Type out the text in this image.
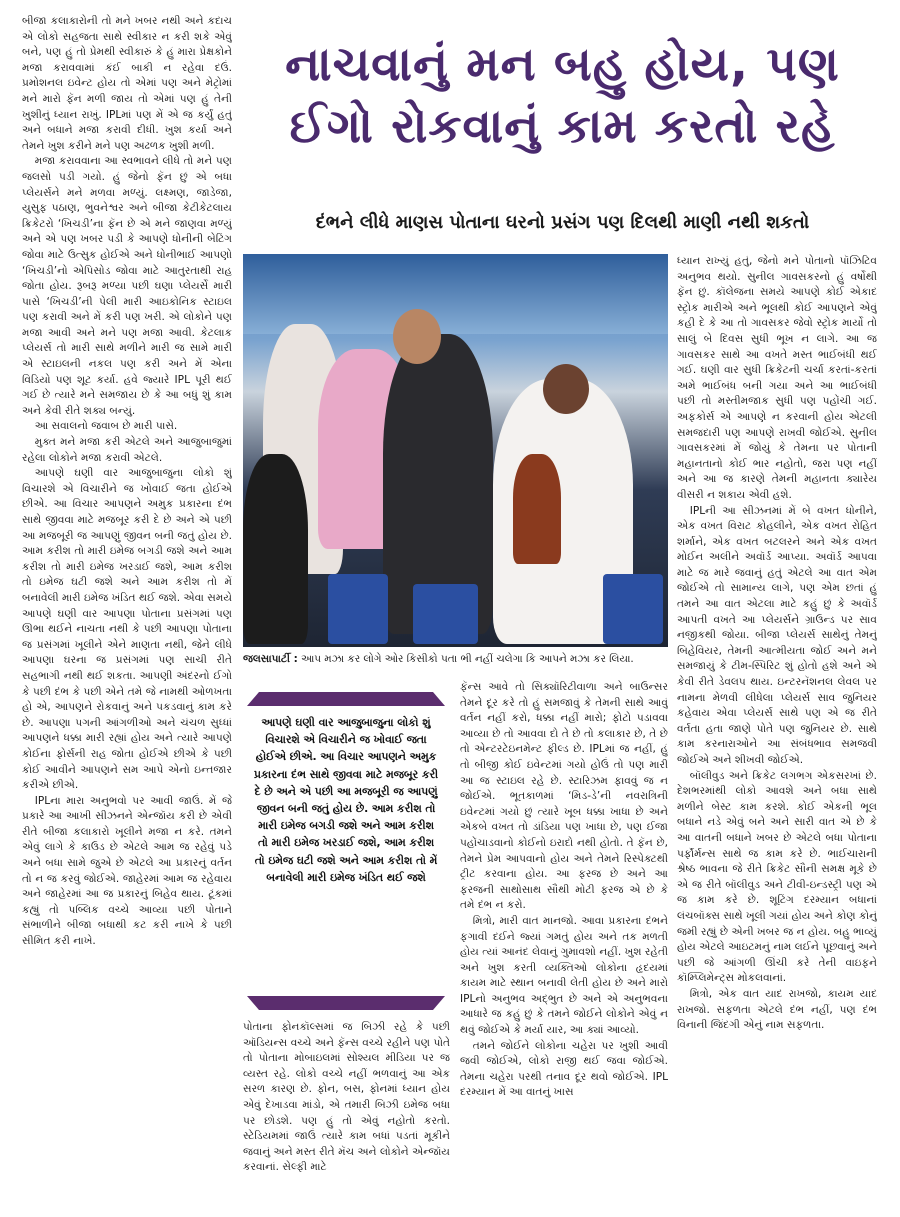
બીજા કલાકારોની તો મને ખબર નથી અને કદાચ એ લોકો સહજતા સાથે સ્વીકાર ન કરી શકે એવું બને, પણ હું તો પ્રેમથી સ્વીકારું કે હું મારા પ્રેક્ષકોને મજા કરાવવામાં કંઈ બાકી ન રહેવા દઉં. પ્રમોશનલ ઇવેન્ટ હોય તો એમાં પણ અને મેટ્રોમાં મને મારો ફૅન મળી જાય તો એમાં પણ હું તેની ખુશીનું ધ્યાન રાખું. IPLમાં પણ મેં એ જ કર્યું હતું અને બધાને મજા કરાવી દીધી. ખુશ કર્યા અને તેમને ખુશ કરીને મને પણ અઢળક ખુશી મળી.

મજા કરાવવાના આ સ્વભાવને લીધે તો મને પણ જલસો પડી ગયો. હું જેનો ફૅન છું એ બધા પ્લેયર્સને મને મળવા મળ્યું. લક્ષ્મણ, જાડેજા, યુસુફ પઠાણ, ભુવનેશ્વર અને બીજા કેટીકેટલાય ક્રિકેટરો ‘ખિચડી’ના ફૅન છે એ મને જાણવા મળ્યું અને એ પણ ખબર પડી કે આપણે ધોનીની બેટિંગ જોવા માટે ઉત્સુક હોઈએ અને ધોનીભાઈ આપણો ‘ખિચડી’નો એપિસોડ જોવા માટે આતુરતાથી રાહ જોતા હોય. રૂબરૂ મળ્યા પછી ઘણા પ્લેયર્સે મારી પાસે ‘ખિચડી’ની પેલી મારી આઇકોનિક સ્ટાઇલ પણ કરાવી અને મેં કરી પણ ખરી. એ લોકોને પણ મજા આવી અને મને પણ મજા આવી. કેટલાક પ્લેયર્સ તો મારી સાથે મળીને મારી જ સામે મારી એ સ્ટાઇલની નકલ પણ કરી અને મેં એના વિડિયો પણ શૂટ કર્યા. હવે જ્યારે IPL પૂરી થઈ ગઈ છે ત્યારે મને સમજાય છે કે આ બધું શું કામ અને કેવી રીતે શક્ય બન્યું.

આ સવાલનો જવાબ છે મારી પાસે.

મુક્ત મને મજા કરી એટલે અને આજુબાજુમાં રહેલા લોકોને મજા કરાવી એટલે.

આપણે ઘણી વાર આજુબાજુના લોકો શું વિચારશે એ વિચારીને જ ખોવાઈ જતા હોઈએ છીએ. આ વિચાર આપણને અમુક પ્રકારના દંભ સાથે જીવવા માટે મજબૂર કરી દે છે અને એ પછી આ મજબૂરી જ આપણું જીવન બની જતું હોય છે. આમ કરીશ તો મારી ઇમેજ બગડી જશે અને આમ કરીશ તો મારી ઇમેજ ખરડાઈ જશે, આમ કરીશ તો ઇમેજ ઘટી જશે અને આમ કરીશ તો મેં બનાવેલી મારી ઇમેજ ખંડિત થઈ જશે. એવા સમયે આપણે ઘણી વાર આપણા પોતાના પ્રસંગમાં પણ ઊભા થઈને નાચતા નથી કે પછી આપણા પોતાના જ પ્રસંગમાં ખૂલીને એને માણતા નથી, જેને લીધે આપણા ઘરના જ પ્રસંગમાં પણ સાચી રીતે સહભાગી નથી થઈ શકતા. આપણી અંદરનો ઈગો કે પછી દંભ કે પછી એને તમે જે નામથી ઓળખતા હો એ, આપણને રોકવાનું અને પકડવાનું કામ કરે છે. આપણા પગની આંગળીઓ અને ચંચળ સુધ્ધાં આપણને ધક્કા મારી રહ્યાં હોય અને ત્યારે આપણે કોઈના ફોર્સની રાહ જોતા હોઈએ છીએ કે પછી કોઈ આવીને આપણને સમ આપે એનો ઇન્તજાર કરીએ છીએ.

IPLના મારા અનુભવો પર આવી જાઉં. મેં જે પ્રકારે આ આખી સીઝનને એન્જૉય કરી છે એવી રીતે બીજા કલાકારો ખૂલીને મજા ન કરે. તમને એવું લાગે કે કાઉડ છે એટલે આમ જ રહેવું પડે અને બધા સામે જુએ છે એટલે આ પ્રકારનું વર્તન તો ન જ કરવું જોઈએ. જાહેરમાં આમ જ રહેવાય અને જાહેરમાં આ જ પ્રકારનું બિહેવ થાય. ટૂંકમાં કહ્યું તો પબ્લિક વચ્ચે આવ્યા પછી પોતાને સંભાળીને બીજા બધાથી કટ કરી નાખે કે પછી સીમિત કરી નાખે.

નાચવાનું મન બહુ હોય, પણ
ઈગો રોકવાનું કામ કરતો રહે
દંભને લીધે માણસ પોતાના ઘરનો પ્રસંગ પણ દિલથી માણી નથી શકતો
જલસાપાર્ટી : આપ મઝા કર લોગે ઓર કિસીકો પતા ભી નહીં ચલેગા કિ આપને મઝા કર લિયા.

આપણે ઘણી વાર આજુબાજુના લોકો શું વિચારશે એ વિચારીને જ ખોવાઈ જતા હોઈએ છીએ. આ વિચાર આપણને અમુક પ્રકારના દંભ સાથે જીવવા માટે મજબૂર કરી દે છે અને એ પછી આ મજબૂરી જ આપણું જીવન બની જતું હોય છે. આમ કરીશ તો મારી ઇમેજ બગડી જશે અને આમ કરીશ તો મારી ઇમેજ ખરડાઈ જશે, આમ કરીશ તો ઇમેજ ઘટી જશે અને આમ કરીશ તો મેં બનાવેલી મારી ઇમેજ ખંડિત થઈ જશે

પોતાના ફોનકૉલ્સમાં જ બિઝી રહે કે પછી ઑડિયન્સ વચ્ચે અને ફૅન્સ વચ્ચે રહીને પણ પોતે તો પોતાના મોબાઇલમાં સોશ્યલ મીડિયા પર જ વ્યસ્ત રહે. લોકો વચ્ચે નહીં ભળવાનું આ એક સરળ કારણ છે. ફોન, બસ, ફોનમાં ધ્યાન હોય એવું દેખાડવા માંડો, એ તમારી બિઝી ઇમેજ બધા પર છોડશે. પણ હું તો એવું નહોતો કરતો. સ્ટેડિયમમાં જાઉં ત્યારે કામ બધાં પડતાં મૂકીને જવાનું અને મસ્ત રીતે મૅચ અને લોકોને એન્જૉય કરવાનાં. સેલ્ફી માટે

ફૅન્સ આવે તો સિક્યૉરિટીવાળા અને બાઉન્સર તેમને દૂર કરે તો હું સમજાવું કે તેમની સાથે આવું વર્તન નહીં કરો, ધક્કા નહીં મારો; ફોટો પડાવવા આવ્યા છે તો આવવા દો તે છે તો કલાકાર છે, તે છે તો એન્ટરટેઇનમેન્ટ ફીલ્ડ છે. IPLમાં જ નહીં, હું તો બીજી કોઈ ઇવેન્ટમાં ગયો હોઉં તો પણ મારી આ જ સ્ટાઇલ રહે છે. સ્ટારિઝમ ફાવવું જ ન જોઈએ. ભૂતકાળમાં ‘મિડ-ડે’ની નવરાત્રિની ઇવેન્ટમાં ગયો છું ત્યારે ખૂબ ધક્કા ખાધા છે અને એકબે વખત તો ડાંડિયા પણ ખાધા છે, પણ ઈજા પહોંચાડવાનો કોઈનો ઇરાદો નથી હોતો. તે ફૅન છે, તેમને પ્રેમ આપવાનો હોય અને તેમને રિસ્પેક્ટથી ટ્રીટ કરવાના હોય. આ ફરજ છે અને આ ફરજની સાથોસાથ સૌથી મોટી ફરજ એ છે કે તમે દંભ ન કરો.

મિત્રો, મારી વાત માનજો. આવા પ્રકારના દંભને ફગાવી દઈને જ્યાં ગમતું હોય અને તક મળતી હોય ત્યાં આનંદ લેવાનું ગુમાવશો નહીં. ખુશ રહેતી અને ખુશ કરતી વ્યક્તિઓ લોકોના હૃદયમાં કાયમ માટે સ્થાન બનાવી લેતી હોય છે અને મારો IPLનો અનુભવ અદ્ભુત છે અને એ અનુભવના આધારે જ કહું છું કે તમને જોઈને લોકોને એવું ન થવું જોઈએ કે મર્યા યાર, આ ક્યાં આવ્યો.

તમને જોઈને લોકોના ચહેરા પર ખુશી આવી જવી જોઈએ, લોકો રાજી થઈ જવા જોઈએ. તેમના ચહેરા પરથી તનાવ દૂર થવો જોઈએ. IPL દરમ્યાન મેં આ વાતનું ખાસ

ધ્યાન રાખ્યું હતું, જેનો મને પોતાનો પૉઝિટિવ અનુભવ થયો. સુનીલ ગાવસકરનો હું વર્ષોથી ફૅન છું. કૉલેજના સમયે આપણે કોઈ એકાદ સ્ટ્રોક મારીએ અને ભૂલથી કોઈ આપણને એવું કહી દે કે આ તો ગાવસકર જેવો સ્ટ્રોક માર્યો તો સાલું બે દિવસ સુધી ભૂખ ન લાગે. આ જ ગાવસકર સાથે આ વખતે મસ્ત ભાઈબંધી થઈ ગઈ. ઘણી વાર સુધી ક્રિકેટની ચર્ચા કરતાં-કરતાં અમે ભાઈબંધ બની ગયા અને આ ભાઈબંધી પછી તો મસ્તીમજાક સુધી પણ પહોંચી ગઈ. અફકોર્સ એ આપણે ન કરવાની હોય એટલી સમજદારી પણ આપણે રાખવી જોઈએ. સુનીલ ગાવસકરમાં મેં જોયું કે તેમના પર પોતાની મહાનતાનો કોઈ ભાર નહોતો, જરા પણ નહીં અને આ જ કારણે તેમની મહાનતા ક્યારેય વીસરી ન શકાય એવી હશે.

IPLની આ સીઝનમાં મેં બે વખત ધોનીને, એક વખત વિરાટ કોહલીને, એક વખત રોહિત શર્માને, એક વખત બટલરને અને એક વખત મોઈન અલીને અવૉર્ડ આપ્યા. અવૉર્ડ આપવા માટે જ મારે જવાનું હતું એટલે આ વાત એમ જોઈએ તો સામાન્ય લાગે, પણ એમ છતાં હું તમને આ વાત એટલા માટે કહું છું કે અવૉર્ડ આપતી વખતે આ પ્લેયર્સને ગ્રાઉન્ડ પર સાવ નજીકથી જોયા. બીજા પ્લેયર્સ સાથેનું તેમનું બિહેવિયર, તેમની આત્મીયતા જોઈ અને મને સમજાયું કે ટીમ-સ્પિરિટ શું હોતો હશે અને એ કેવી રીતે ડેવલપ થાય. ઇન્ટરનૅશનલ લેવલ પર નામના મેળવી લીધેલા પ્લેયર્સ સાવ જુનિયર કહેવાય એવા પ્લેયર્સ સાથે પણ એ જ રીતે વર્તતા હતા જાણે પોતે પણ જુનિયર છે. સાથે કામ કરનારાઓને આ સંબંધભાવ સમજવી જોઈએ અને શીખવી જોઈએ.

બૉલીવુડ અને ક્રિકેટ લગભગ એકસરખાં છે. દેશભરમાંથી લોકો આવશે અને બધા સાથે મળીને બેસ્ટ કામ કરશે. કોઈ એકની ભૂલ બધાને નડે એવું બને અને સારી વાત એ છે કે આ વાતની બધાને ખબર છે એટલે બધા પોતાના પર્ફૉર્મન્સ સાથે જ કામ કરે છે. ભાઈચારાની શ્રેષ્ઠ ભાવના જે રીતે ક્રિકેટ સૌની સમક્ષ મૂકે છે એ જ રીતે બૉલીવુડ અને ટીવી-ઇન્ડસ્ટ્રી પણ એ જ કામ કરે છે. શૂટિંગ દરમ્યાન બધાનાં લંચબૉક્સ સાથે ખૂલી ગયાં હોય અને કોણ કોનું જમી રહ્યું છે એની ખબર જ ન હોય. બહુ ભાવ્યું હોય એટલે આઇટમનું નામ લઈને પૂછવાનું અને પછી જે આંગળી ઊંચી કરે તેની વાઇફને કૉમ્પ્લિમેન્ટ્સ મોકલવાનાં.

મિત્રો, એક વાત યાદ રાખજો, કાયમ યાદ રાખજો. સફળતા એટલે દંભ નહીં, પણ દંભ વિનાની જિંદગી એનું નામ સફળતા.
